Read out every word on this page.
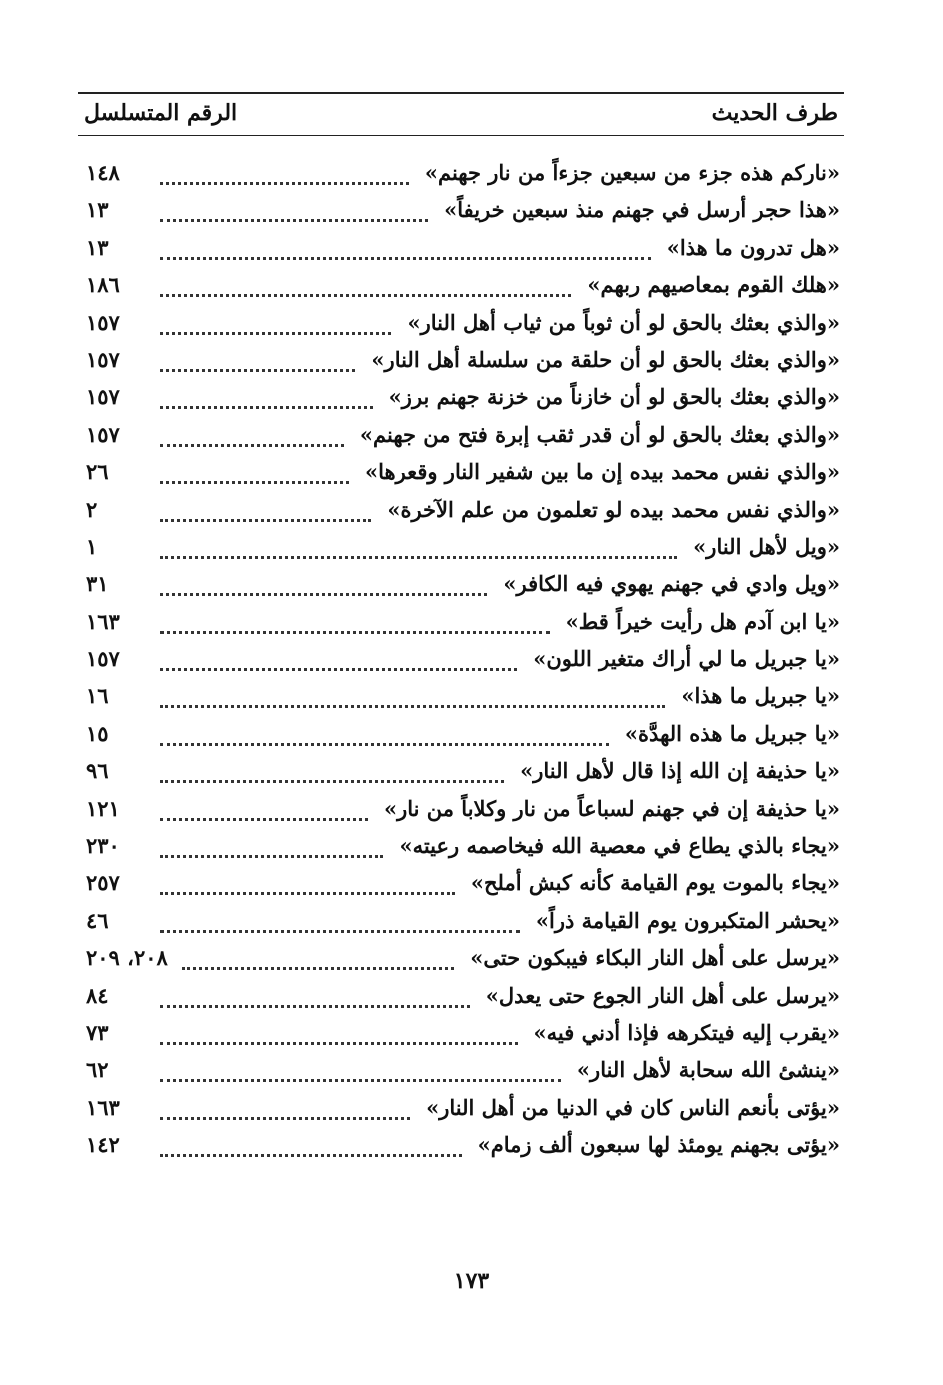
طرف الحديث
الرقم المتسلسل
«ناركم هذه جزء من سبعين جزءاً من نار جهنم»
١٤٨
«هذا حجر أرسل في جهنم منذ سبعين خريفاً»
١٣
«هل تدرون ما هذا»
١٣
«هلك القوم بمعاصيهم ربهم»
١٨٦
«والذي بعثك بالحق لو أن ثوباً من ثياب أهل النار»
١٥٧
«والذي بعثك بالحق لو أن حلقة من سلسلة أهل النار»
١٥٧
«والذي بعثك بالحق لو أن خازناً من خزنة جهنم برز»
١٥٧
«والذي بعثك بالحق لو أن قدر ثقب إبرة فتح من جهنم»
١٥٧
«والذي نفس محمد بيده إن ما بين شفير النار وقعرها»
٢٦
«والذي نفس محمد بيده لو تعلمون من علم الآخرة»
٢
«ويل لأهل النار»
١
«ويل وادي في جهنم يهوي فيه الكافر»
٣١
«يا ابن آدم هل رأيت خيراً قط»
١٦٣
«يا جبريل ما لي أراك متغير اللون»
١٥٧
«يا جبريل ما هذا»
١٦
«يا جبريل ما هذه الهدَّة»
١٥
«يا حذيفة إن الله إذا قال لأهل النار»
٩٦
«يا حذيفة إن في جهنم لسباعاً من نار وكلاباً من نار»
١٢١
«يجاء بالذي يطاع في معصية الله فيخاصمه رعيته»
٢٣٠
«يجاء بالموت يوم القيامة كأنه كبش أملح»
٢٥٧
«يحشر المتكبرون يوم القيامة ذراً»
٤٦
«يرسل على أهل النار البكاء فيبكون حتى»
٢٠٨، ٢٠٩
«يرسل على أهل النار الجوع حتى يعدل»
٨٤
«يقرب إليه فيتكرهه فإذا أدني فيه»
٧٣
«ينشئ الله سحابة لأهل النار»
٦٢
«يؤتى بأنعم الناس كان في الدنيا من أهل النار»
١٦٣
«يؤتى بجهنم يومئذ لها سبعون ألف زمام»
١٤٢
١٧٣
